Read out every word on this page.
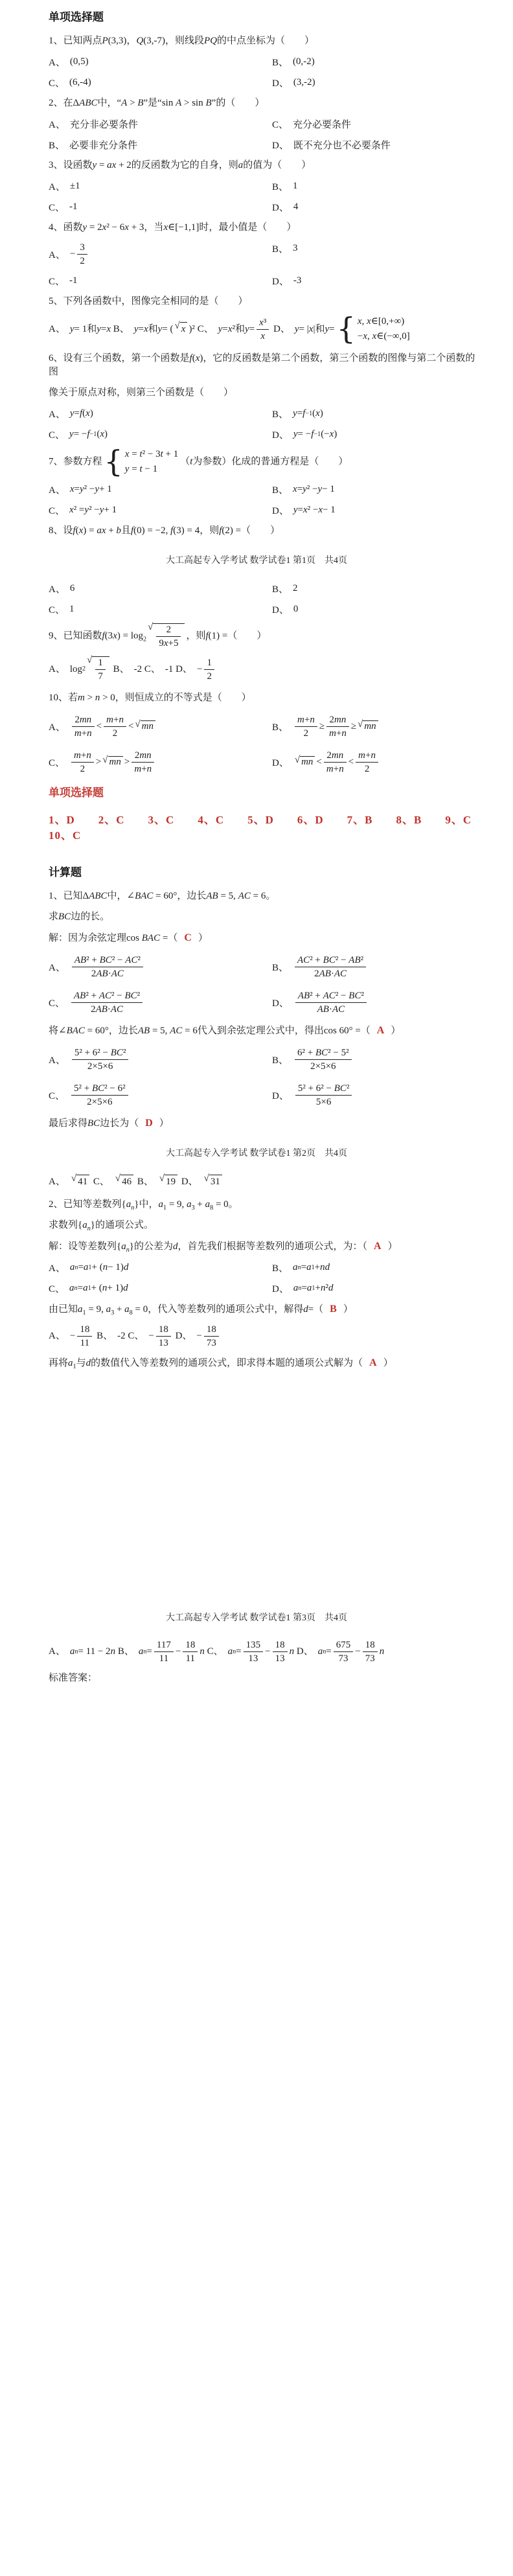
单项选择题
1、已知两点P(3,3)，Q(3,-7)，则线段PQ的中点坐标为（　　）
A、 (0,5)	B、 (0,-2)
C、 (6,-4)	D、 (3,-2)
2、在ΔABC中，“A > B”是“sin A > sin B”的（　　）
A、 充分非必要条件	C、 充分必要条件
B、 必要非充分条件	D、 既不充分也不必要条件
3、设函数y = ax + 2的反函数为它的自身，则a的值为（　　）
A、 ±1	B、 1
C、 -1	D、 4
4、函数y = 2x² − 6x + 3，当x∈[−1,1]时，最小值是（　　）
A、 − $\frac{3}{2}$	B、 3
C、 -1	D、 -3
5、下列各函数中，图像完全相同的是（　　）
A、 y = 1和 y = x
B、 y = x 和 y = ( √ x )²
C、 y = x ²和 $y = \frac{\text{x³}}{x}$
D、 y = | x |和 y = { x, x∈[0,+∞)
−x, x∈(−∞,0]
6、设有三个函数，第一个函数是f(x)，它的反函数是第二个函数，第三个函数的图像与第二个函数的图
像关于原点对称，则第三个函数是（　　）
A、 y = f ( x )	B、 y = f −1 ( x )
C、 y = − f −1 ( x )	D、 y = − f −1 (− x )
7、参数方程 { x = t² − 3t + 1
y = t − 1
（t为参数）化成的普通方程是（　　）
A、 x = y ² − y + 1	B、 x = y ² − y − 1
C、 x ² = y ² − y + 1	D、 y = x ² − x − 1
8、设f(x) = ax + b且f(0) = −2, f(3) = 4，则f(2) =（　　）
大工高起专入学考试 数学试卷1 第1页　共4页
A、 6	B、 2
C、 1	D、 0
9、已知函数$f(3x) = \log_2$
√ $\frac{2}{9x+5}$ ，则f(1) =（　　）
A、 log 2
√ $\frac{1}{7}$
B、 -2
C、 -1
D、 − $\frac{1}{2}$
10、若m > n > 0，则恒成立的不等式是（　　）
A、 $\frac{2mn}{m+n} < \frac{m+n}{2}$ < √ mn	B、 $\frac{m+n}{2} \ge \frac{2mn}{m+n}$ ≥ √ mn
C、 $\frac{m+n}{2}$ > √ mn > $\frac{2mn}{m+n}$	D、 √ mn < $\frac{2mn}{m+n} < \frac{m+n}{2}$
单项选择题
1、D　　2、C　　3、C　　4、C　　5、D　　6、D　　7、B　　8、B　　9、C　　10、C
计算题
1、已知ΔABC中，∠BAC = 60°，边长AB = 5, AC = 6。
求BC边的长。
解：因为余弦定理cos BAC =（ C ）
A、 $\frac{\text{AB² + BC² − AC²}}{2AB\cdot AC}$	B、 $\frac{\text{AC² + BC² − AB²}}{2AB\cdot AC}$
C、 $\frac{\text{AB² + AC² − BC²}}{2AB\cdot AC}$	D、 $\frac{\text{AB² + AC² − BC²}}{AB\cdot AC}$
将∠BAC = 60°，边长AB = 5, AC = 6代入到余弦定理公式中，得出cos 60° =（ A ）
A、 $\frac{\text{5² + 6² − BC²}}{2\times 5\times 6}$	B、 $\frac{\text{6² + BC² − 5²}}{2\times 5\times 6}$
C、 $\frac{\text{5² + BC² − 6²}}{2\times 5\times 6}$	D、 $\frac{\text{5² + 6² − BC²}}{5\times 6}$
最后求得BC边长为（ D ）
大工高起专入学考试 数学试卷1 第2页　共4页
A、 √ 41
C、 √ 46
B、 √ 19
D、 √ 31
2、已知等差数列$\{a_n\}$中，$a_1 = 9$, $a_3 + a_8 = 0$。
求数列$\{a_n\}$的通项公式。
解：设等差数列$\{a_n\}$的公差为d，首先我们根据等差数列的通项公式，为：（ A ）
A、 a n = a 1 + ( n − 1) d	B、 a n = a 1 + nd
C、 a n = a 1 + ( n + 1) d	D、 a n = a 1 + n ² d
由已知$a_1 = 9$, $a_3 + a_8 = 0$，代入等差数列的通项公式中，解得d=（ B ）
A、 − $\frac{18}{11}$
B、 -2
C、 − $\frac{18}{13}$
D、 − $\frac{18}{73}$
再将$a_1$与d的数值代入等差数列的通项公式，即求得本题的通项公式解为（ A ）
大工高起专入学考试 数学试卷1 第3页　共4页
A、 a n = 11 − 2 n
B、 a $n = \frac{117}{11} - \frac{18}{11}$ n
C、 a $n = \frac{135}{13} - \frac{18}{13}$ n
D、 a $n = \frac{675}{73} - \frac{18}{73}$ n
标准答案：
